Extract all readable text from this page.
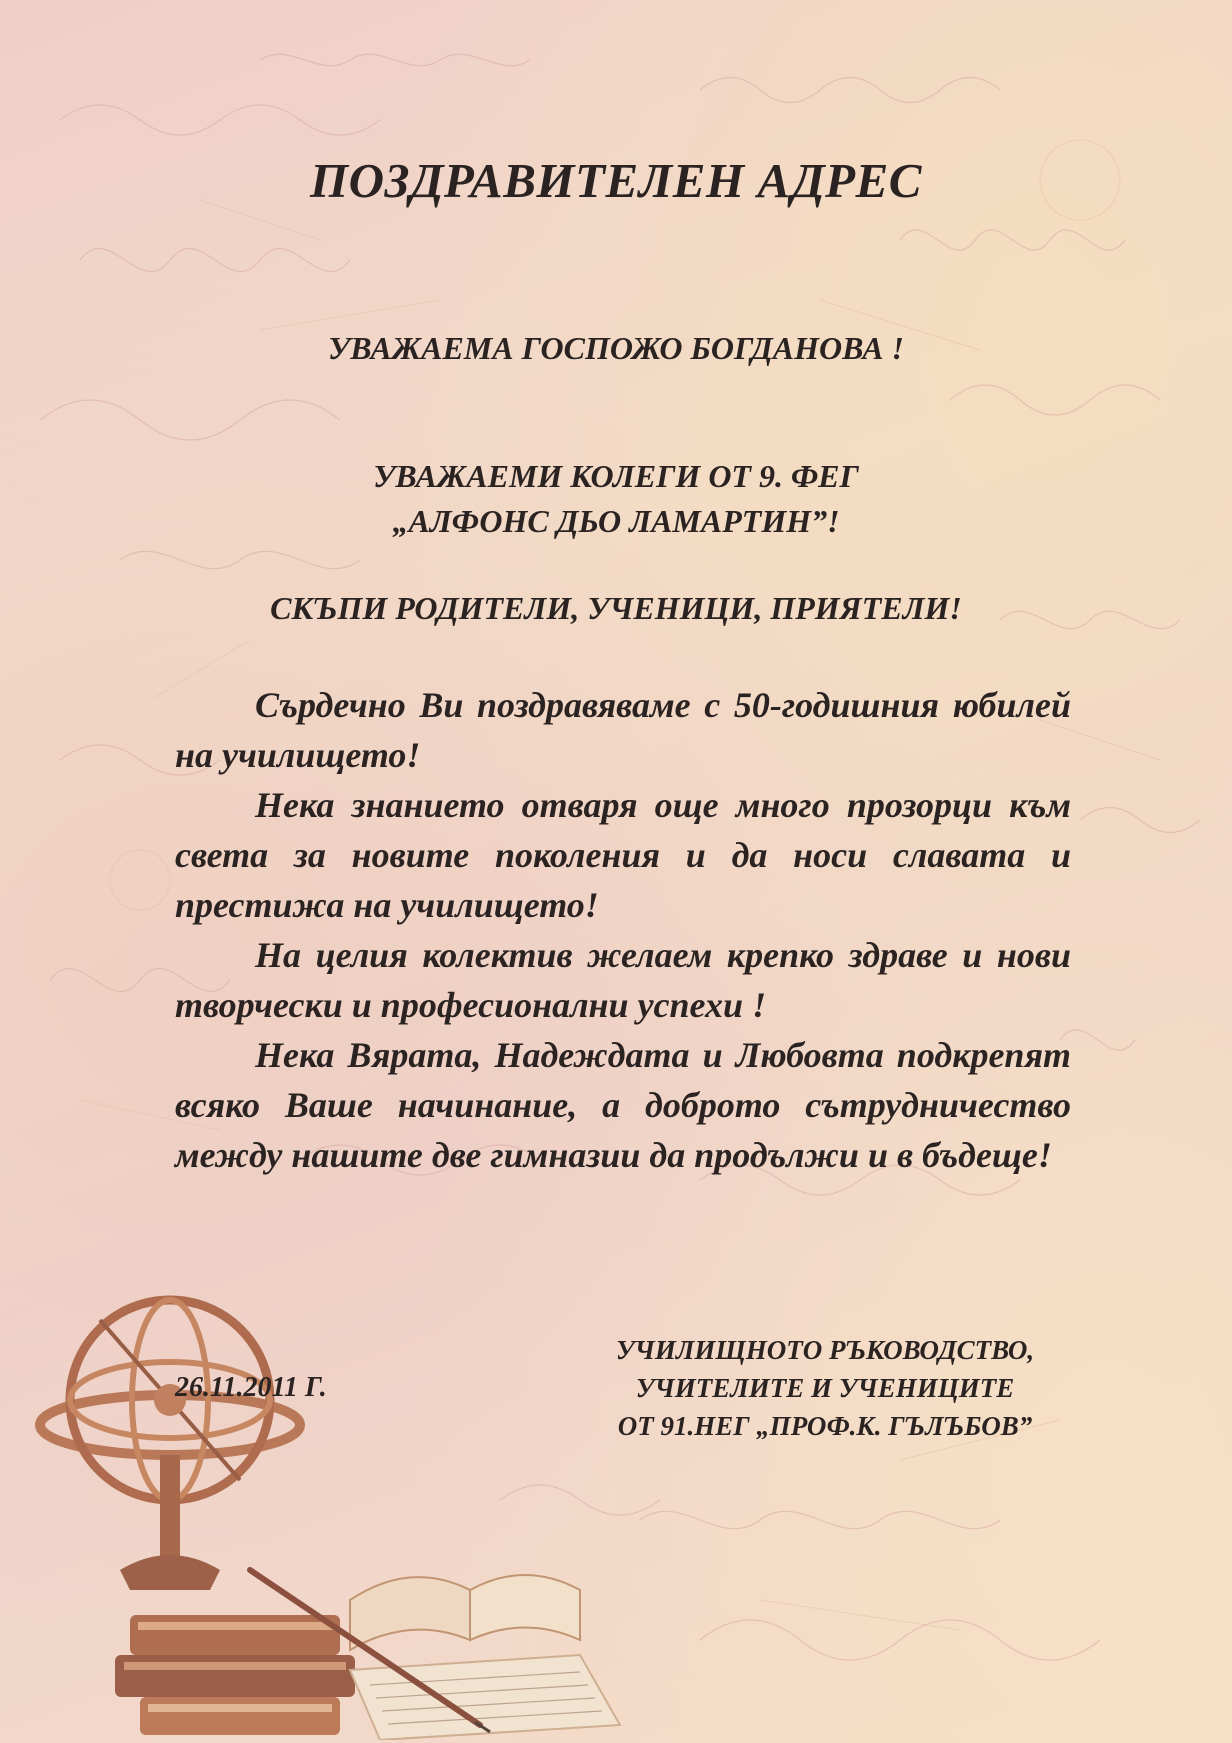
ПОЗДРАВИТЕЛЕН АДРЕС

УВАЖАЕМА ГОСПОЖО БОГДАНОВА !

УВАЖАЕМИ КОЛЕГИ ОТ 9. ФЕГ

„АЛФОНС ДЬО ЛАМАРТИН”!

СКЪПИ РОДИТЕЛИ, УЧЕНИЦИ, ПРИЯТЕЛИ!

Сърдечно Ви поздравяваме с 50-годишния юбилей на училището!

Нека знанието отваря още много прозорци към света за новите поколения и да носи славата и престижа на училището!

На целия колектив желаем крепко здраве и нови творчески и професионални успехи !

Нека Вярата, Надеждата и Любовта подкрепят всяко Ваше начинание, а доброто сътрудничество между нашите две гимназии да продължи и в бъдеще!

26.11.2011 Г.

УЧИЛИЩНОТО РЪКОВОДСТВО,

УЧИТЕЛИТЕ И УЧЕНИЦИТЕ

ОТ 91.НЕГ „ПРОФ.К. ГЪЛЪБОВ”
